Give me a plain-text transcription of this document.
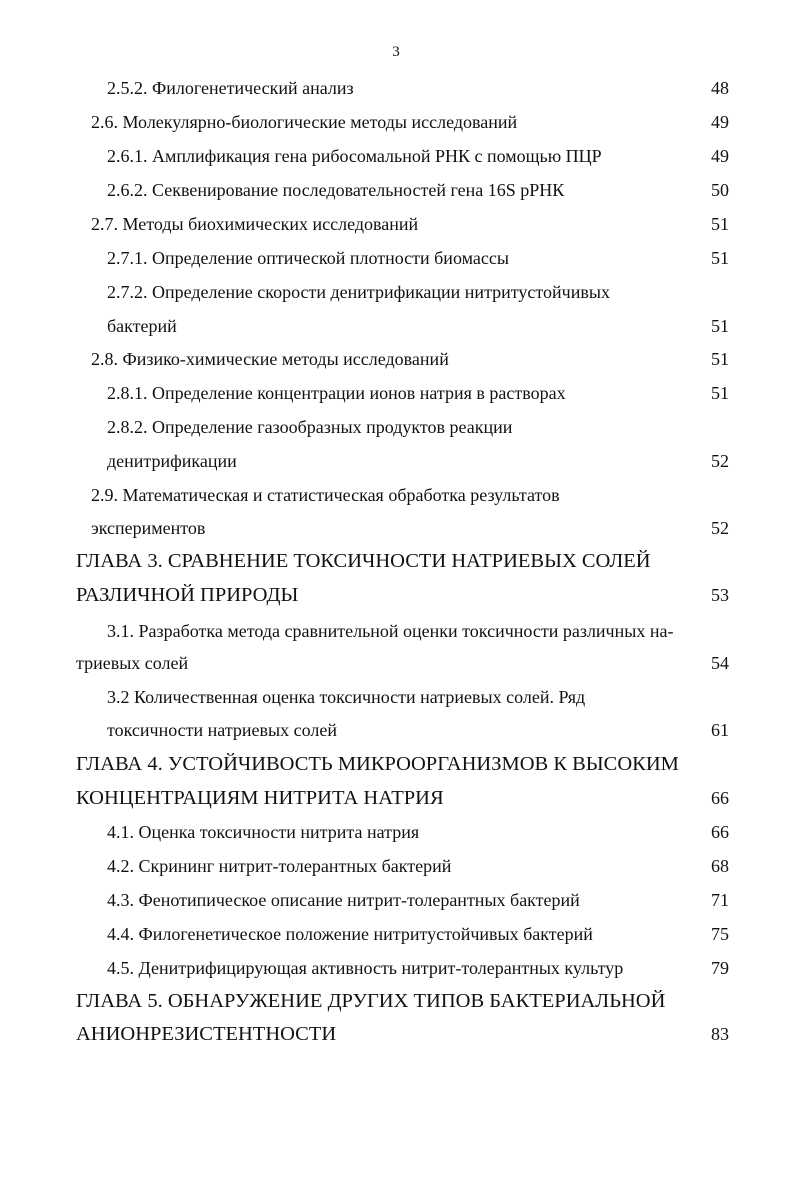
3
2.5.2. Филогенетический анализ	48
2.6. Молекулярно-биологические методы исследований	49
2.6.1. Амплификация гена рибосомальной РНК с помощью ПЦР	49
2.6.2. Секвенирование последовательностей гена 16S рРНК	50
2.7. Методы биохимических исследований	51
2.7.1. Определение оптической плотности биомассы	51
2.7.2. Определение скорости денитрификации нитритустойчивых
бактерий	51
2.8. Физико-химические методы исследований	51
2.8.1. Определение концентрации ионов натрия в растворах	51
2.8.2. Определение газообразных продуктов реакции
денитрификации	52
2.9. Математическая и статистическая обработка результатов
экспериментов	52
ГЛАВА 3. СРАВНЕНИЕ ТОКСИЧНОСТИ НАТРИЕВЫХ СОЛЕЙ
РАЗЛИЧНОЙ ПРИРОДЫ	53
3.1. Разработка метода сравнительной оценки токсичности различных на-
триевых солей	54
3.2 Количественная оценка токсичности натриевых солей. Ряд
токсичности натриевых солей	61
ГЛАВА 4. УСТОЙЧИВОСТЬ МИКРООРГАНИЗМОВ К ВЫСОКИМ
КОНЦЕНТРАЦИЯМ НИТРИТА НАТРИЯ	66
4.1. Оценка токсичности нитрита натрия	66
4.2. Скрининг нитрит-толерантных бактерий	68
4.3. Фенотипическое описание нитрит-толерантных бактерий	71
4.4. Филогенетическое положение нитритустойчивых бактерий	75
4.5. Денитрифицирующая активность нитрит-толерантных культур	79
ГЛАВА 5. ОБНАРУЖЕНИЕ ДРУГИХ ТИПОВ БАКТЕРИАЛЬНОЙ
АНИОНРЕЗИСТЕНТНОСТИ	83
